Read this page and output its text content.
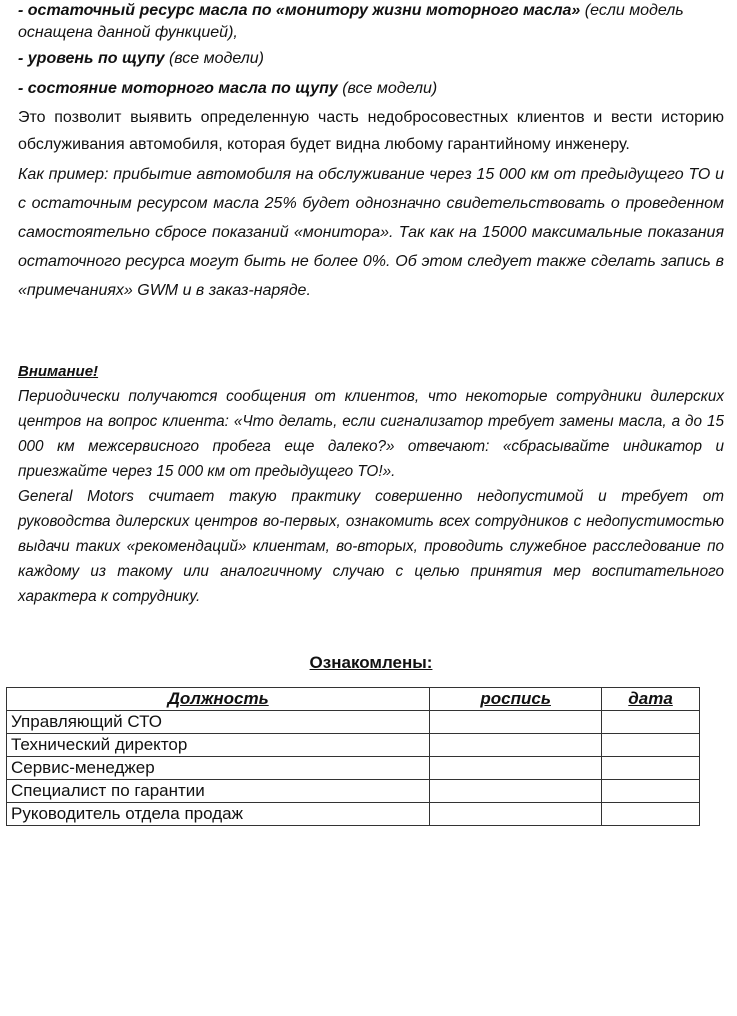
- остаточный ресурс масла по «монитору жизни моторного масла» (если модель оснащена данной функцией),
- уровень по щупу (все модели)
- состояние моторного масла по щупу (все модели)
Это позволит выявить определенную часть недобросовестных клиентов и вести историю обслуживания автомобиля, которая будет видна любому гарантийному инженеру.
Как пример: прибытие автомобиля на обслуживание через 15 000 км от предыдущего ТО и с остаточным ресурсом масла 25% будет однозначно свидетельствовать о проведенном самостоятельно сбросе показаний «монитора». Так как на 15000 максимальные показания остаточного ресурса могут быть не более 0%. Об этом следует также сделать запись в «примечаниях» GWM и в заказ-наряде.
Внимание!
Периодически получаются сообщения от клиентов, что некоторые сотрудники дилерских центров на вопрос клиента: «Что делать, если сигнализатор требует замены масла, а до 15 000 км межсервисного пробега еще далеко?» отвечают: «сбрасывайте индикатор и приезжайте через 15 000 км от предыдущего ТО!».
General Motors считает такую практику совершенно недопустимой и требует от руководства дилерских центров во-первых, ознакомить всех сотрудников с недопустимостью выдачи таких «рекомендаций» клиентам, во-вторых, проводить служебное расследование по каждому из такому или аналогичному случаю с целью принятия мер воспитательного характера к сотруднику.
Ознакомлены:
Должность	роспись	дата
Управляющий СТО		
Технический директор		
Сервис-менеджер		
Специалист по гарантии		
Руководитель отдела продаж		
